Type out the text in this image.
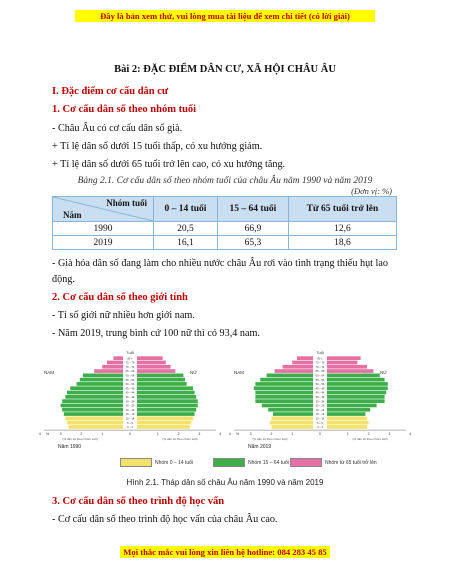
Đây là bản xem thử, vui lòng mua tài liệu để xem chi tiết (có lời giải)
Bài 2: ĐẶC ĐIỂM DÂN CƯ, XÃ HỘI CHÂU ÂU
I. Đặc điểm cơ cấu dân cư
1. Cơ cấu dân số theo nhóm tuổi
- Châu Âu có cơ cấu dân số già.
+ Tỉ lệ dân số dưới 15 tuổi thấp, có xu hướng giảm.
+ Tỉ lệ dân số dưới 65 tuổi trở lên cao, có xu hướng tăng.
Bảng 2.1. Cơ cấu dân số theo nhóm tuổi của châu Âu năm 1990 và năm 2019
(Đơn vị: %)
Nhóm tuổi
Năm	0 – 14 tuổi	15 – 64 tuổi	Từ 65 tuổi trở lên
1990	20,5	66,9	12,6
2019	16,1	65,3	18,6
- Già hóa dân số đang làm cho nhiều nước châu Âu rơi vào tình trạng thiếu hụt lao
động.
2. Cơ cấu dân số theo giới tính
- Tỉ số giới nữ nhiều hơn giới nam.
- Năm 2019, trung bình cứ 100 nữ thì có 93,4 nam.
NAM	NỮ
Tuổi
0 – 4
5 – 9
10 – 14
15 – 19
20 – 24
25 – 29
30 – 34
35 – 39
40 – 44
45 – 49
50 – 54
55 – 59
60 – 64
65 – 69
70 – 74
75 – 79
80 +
4	3	2	1	0	1	2	3	4
%
(% dân số theo nhóm tuổi)	(% dân số theo nhóm tuổi)
Năm 1990
NAM	NỮ
Tuổi
0 – 4
5 – 9
10 – 14
15 – 19
20 – 24
25 – 29
30 – 34
35 – 39
40 – 44
45 – 49
50 – 54
55 – 59
60 – 64
65 – 69
70 – 74
75 – 79
80 +
4	3	2	1	0	1	2	3	4
%
(% dân số theo nhóm tuổi)	(% dân số theo nhóm tuổi)
Năm 2019
Nhóm 0 – 14 tuổi	Nhóm 15 – 64 tuổi	Nhóm từ 65 tuổi trở lên
Hình 2.1. Tháp dân số châu Âu năm 1990 và năm 2019
3. Cơ cấu dân số theo trình độ học vấn
- Cơ cấu dân số theo trình độ học vấn của châu Âu cao.
Mọi thắc mắc vui lòng xin liên hệ hotline: 084 283 45 85
